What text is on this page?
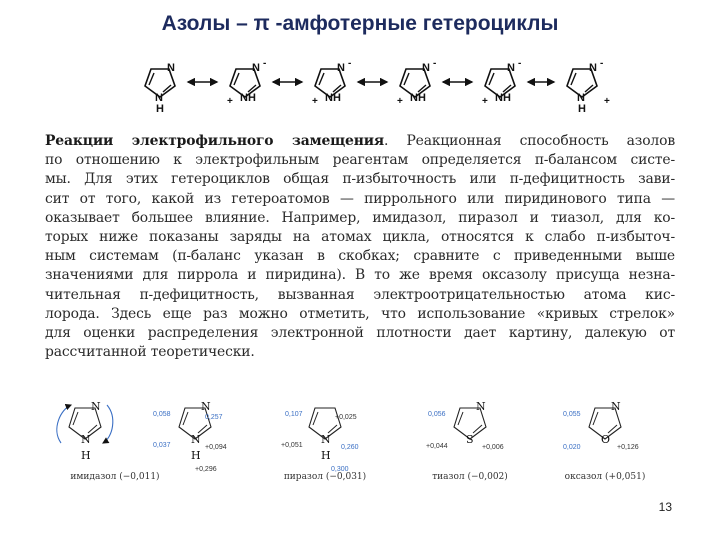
Азолы – π -амфотерные гетероциклы
N
N
H
N
NH
-
+
N
NH
-
+
N
NH
-
+
N
NH
-
+
N
N
H
-
+
Реакции электрофильного замещения. Реакционная способность азолов
по отношению к электрофильным реагентам определяется π-балансом систе-
мы. Для этих гетероциклов общая π-избыточность или π-дефицитность зави-
сит от того, какой из гетероатомов — пиррольного или пиридинового типа —
оказывает большее влияние. Например, имидазол, пиразол и тиазол, для ко-
торых ниже показаны заряды на атомах цикла, относятся к слабо π-избыточ-
ным системам (π-баланс указан в скобках; сравните с приведенными выше
значениями для пиррола и пиридина). В то же время оксазолу присуща незна-
чительная π-дефицитность, вызванная электроотрицательностью атома кис-
лорода. Здесь еще раз можно отметить, что использование «кривых стрелок»
для оценки распределения электронной плотности дает картину, далекую от
рассчитанной теоретически.
N
N
H
имидазол (−0,011)
N
N
H
0,058	0,257
0,037	+0,094
+0,296
N
H
0,107	+0,025
+0,051	0,260
0,300
пиразол (−0,031)
N
S
0,056
+0,044	+0,006
тиазол (−0,002)
N
O
0,055
0,020	+0,126
оксазол (+0,051)
13
